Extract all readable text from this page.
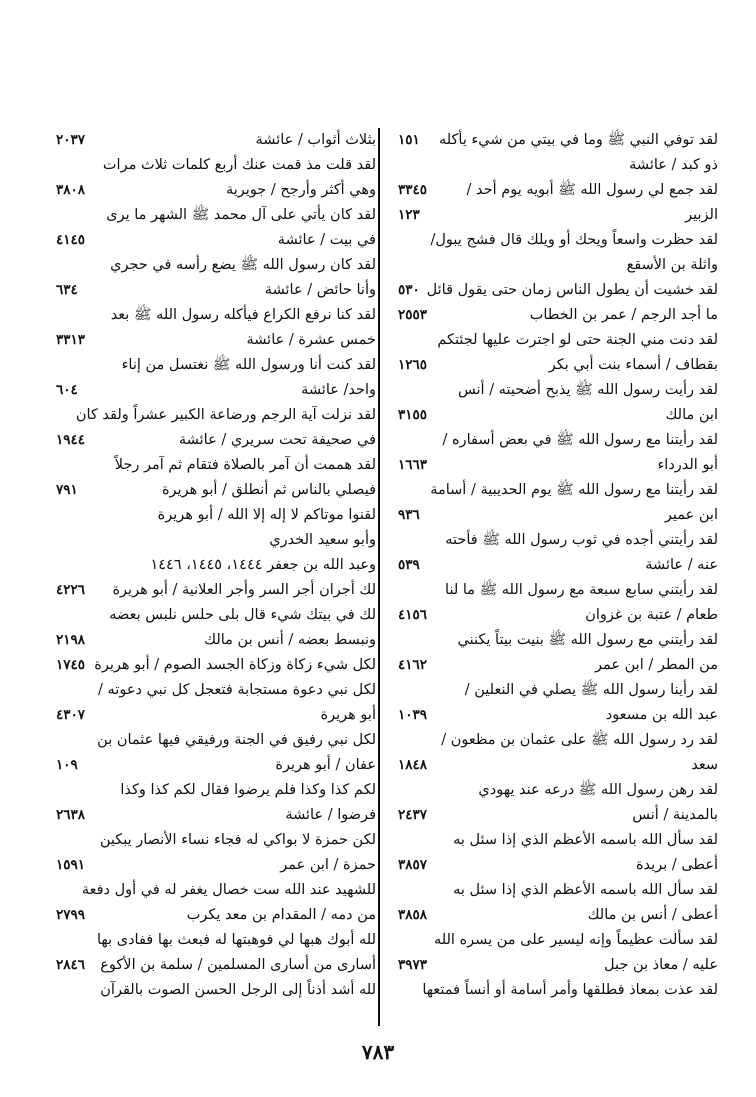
لقد توفي النبي ﷺ وما في بيتي من شيء يأكله
١٥١
ذو كبد / عائشة
لقد جمع لي رسول الله ﷺ أبويه يوم أحد /
٣٣٤٥
الزبير
١٢٣
لقد حظرت واسعاً ويحك أو ويلك قال فشج يبول/
واثلة بن الأسقع
لقد خشيت أن يطول الناس زمان حتى يقول قائل
٥٣٠
ما أجد الرجم / عمر بن الخطاب
٢٥٥٣
لقد دنت مني الجنة حتى لو اجترت عليها لجئتكم
بقطاف / أسماء بنت أبي بكر
١٢٦٥
لقد رأيت رسول الله ﷺ يذبح أضحيته / أنس
ابن مالك
٣١٥٥
لقد رأيتنا مع رسول الله ﷺ في بعض أسفاره /
أبو الدرداء
١٦٦٣
لقد رأيتنا مع رسول الله ﷺ يوم الحديبية / أسامة
ابن عمير
٩٣٦
لقد رأيتني أجده في ثوب رسول الله ﷺ فأحته
عنه / عائشة
٥٣٩
لقد رأيتني سابع سبعة مع رسول الله ﷺ ما لنا
طعام / عتبة بن غزوان
٤١٥٦
لقد رأيتني مع رسول الله ﷺ بنيت بيتاً يكنني
من المطر / ابن عمر
٤١٦٢
لقد رأينا رسول الله ﷺ يصلي في النعلين /
عبد الله بن مسعود
١٠٣٩
لقد رد رسول الله ﷺ على عثمان بن مظعون /
سعد
١٨٤٨
لقد رهن رسول الله ﷺ درعه عند يهودي
بالمدينة / أنس
٢٤٣٧
لقد سأل الله باسمه الأعظم الذي إذا سئل به
أعطى / بريدة
٣٨٥٧
لقد سأل الله باسمه الأعظم الذي إذا سئل به
أعطى / أنس بن مالك
٣٨٥٨
لقد سألت عظيماً وإنه ليسير على من يسره الله
عليه / معاذ بن جبل
٣٩٧٣
لقد عذت بمعاذ فطلقها وأمر أسامة أو أنساً فمتعها
بثلاث أثواب / عائشة
٢٠٣٧
لقد قلت مذ قمت عنك أربع كلمات ثلاث مرات
وهي أكثر وأرجح / جويرية
٣٨٠٨
لقد كان يأتي على آل محمد ﷺ الشهر ما يرى
في بيت / عائشة
٤١٤٥
لقد كان رسول الله ﷺ يضع رأسه في حجري
وأنا حائض / عائشة
٦٣٤
لقد كنا نرفع الكراع فيأكله رسول الله ﷺ بعد
خمس عشرة / عائشة
٣٣١٣
لقد كنت أنا ورسول الله ﷺ نغتسل من إناء
واحد/ عائشة
٦٠٤
لقد نزلت آية الرجم ورضاعة الكبير عشراً ولقد كان
في صحيفة تحت سريري / عائشة
١٩٤٤
لقد هممت أن آمر بالصلاة فتقام ثم آمر رجلاً
فيصلي بالناس ثم أنطلق / أبو هريرة
٧٩١
لقنوا موتاكم لا إله إلا الله / أبو هريرة
وأبو سعيد الخدري
وعبد الله بن جعفر ١٤٤٤، ١٤٤٥، ١٤٤٦
لك أجران أجر السر وأجر العلانية / أبو هريرة
٤٢٢٦
لك في بيتك شيء قال بلى حلس نلبس بعضه
ونبسط بعضه / أنس بن مالك
٢١٩٨
لكل شيء زكاة وزكاة الجسد الصوم / أبو هريرة
١٧٤٥
لكل نبي دعوة مستجابة فتعجل كل نبي دعوته /
أبو هريرة
٤٣٠٧
لكل نبي رفيق في الجنة ورفيقي فيها عثمان بن
عفان / أبو هريرة
١٠٩
لكم كذا وكذا فلم يرضوا فقال لكم كذا وكذا
فرضوا / عائشة
٢٦٣٨
لكن حمزة لا بواكي له فجاء نساء الأنصار يبكين
حمزة / ابن عمر
١٥٩١
للشهيد عند الله ست خصال يغفر له في أول دفعة
من دمه / المقدام بن معد يكرب
٢٧٩٩
لله أبوك هبها لي فوهبتها له فبعث بها ففادى بها
أسارى من أسارى المسلمين / سلمة بن الأكوع
٢٨٤٦
لله أشد أذناً إلى الرجل الحسن الصوت بالقرآن
٧٨٣
